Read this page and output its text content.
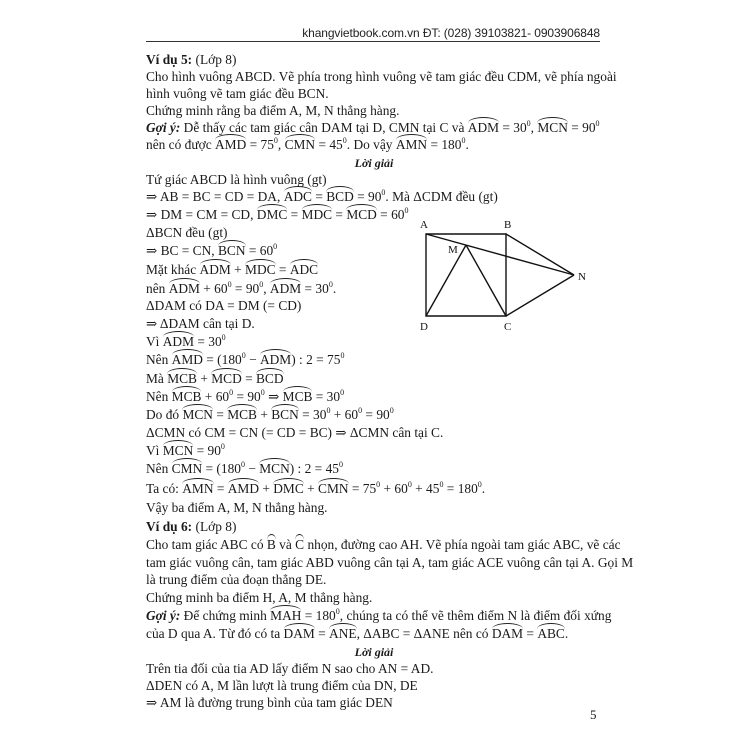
khangvietbook.com.vn ĐT: (028) 39103821- 0903906848
Ví dụ 5: (Lớp 8)
Cho hình vuông ABCD. Vẽ phía trong hình vuông vẽ tam giác đều CDM, vẽ phía ngoài
hình vuông vẽ tam giác đều BCN.
Chứng minh rằng ba điểm A, M, N thẳng hàng.
Gợi ý: Dễ thấy các tam giác cân DAM tại D, CMN tại C và ADM = $30^0$, MCN = $90^0$
nên có được AMD = $75^0$, CMN = $45^0$. Do vậy AMN = $180^0$.
Lời giải
Tứ giác ABCD là hình vuông (gt)
⇒ AB = BC = CD = DA, ADC = BCD = $90^0$. Mà ΔCDM đều (gt)
⇒ DM = CM = CD, DMC = MDC = MCD = $60^0$
ΔBCN đều (gt)
⇒ BC = CN, BCN = $60^0$
Mặt khác ADM + MDC = ADC
nên ADM + $60^0 = 90^0$, ADM = $30^0$.
ΔDAM có DA = DM (= CD)
⇒ ΔDAM cân tại D.
Vì ADM = $30^0$
Nên AMD = $(180^0 - ADM)$ : $2 = 75^0$
Mà MCB + MCD = BCD
Nên MCB + $60^0 = 90^0$ ⇒ MCB = $30^0$
Do đó MCN = MCB + BCN = $30^0 + 60^0 = 90^0$
ΔCMN có CM = CN (= CD = BC) ⇒ ΔCMN cân tại C.
Vì MCN = $90^0$
Nên CMN = $(180^0 - MCN)$ : $2 = 45^0$
Ta có: AMN = AMD + DMC + CMN = $75^0 + 60^0 + 45^0 = 180^0$.
Vậy ba điểm A, M, N thẳng hàng.
A	B
M
N
D	C
Ví dụ 6: (Lớp 8)
Cho tam giác ABC có B và C nhọn, đường cao AH. Vẽ phía ngoài tam giác ABC, vẽ các
tam giác vuông cân, tam giác ABD vuông cân tại A, tam giác ACE vuông cân tại A. Gọi M
là trung điểm của đoạn thẳng DE.
Chứng minh ba điểm H, A, M thẳng hàng.
Gợi ý: Để chứng minh MAH = $180^0$, chúng ta có thể vẽ thêm điểm N là điểm đối xứng
của D qua A. Từ đó có ta DAM = ANE, ΔABC = ΔANE nên có DAM = ABC.
Lời giải
Trên tia đối của tia AD lấy điểm N sao cho AN = AD.
ΔDEN có A, M lần lượt là trung điểm của DN, DE
⇒ AM là đường trung bình của tam giác DEN
5
